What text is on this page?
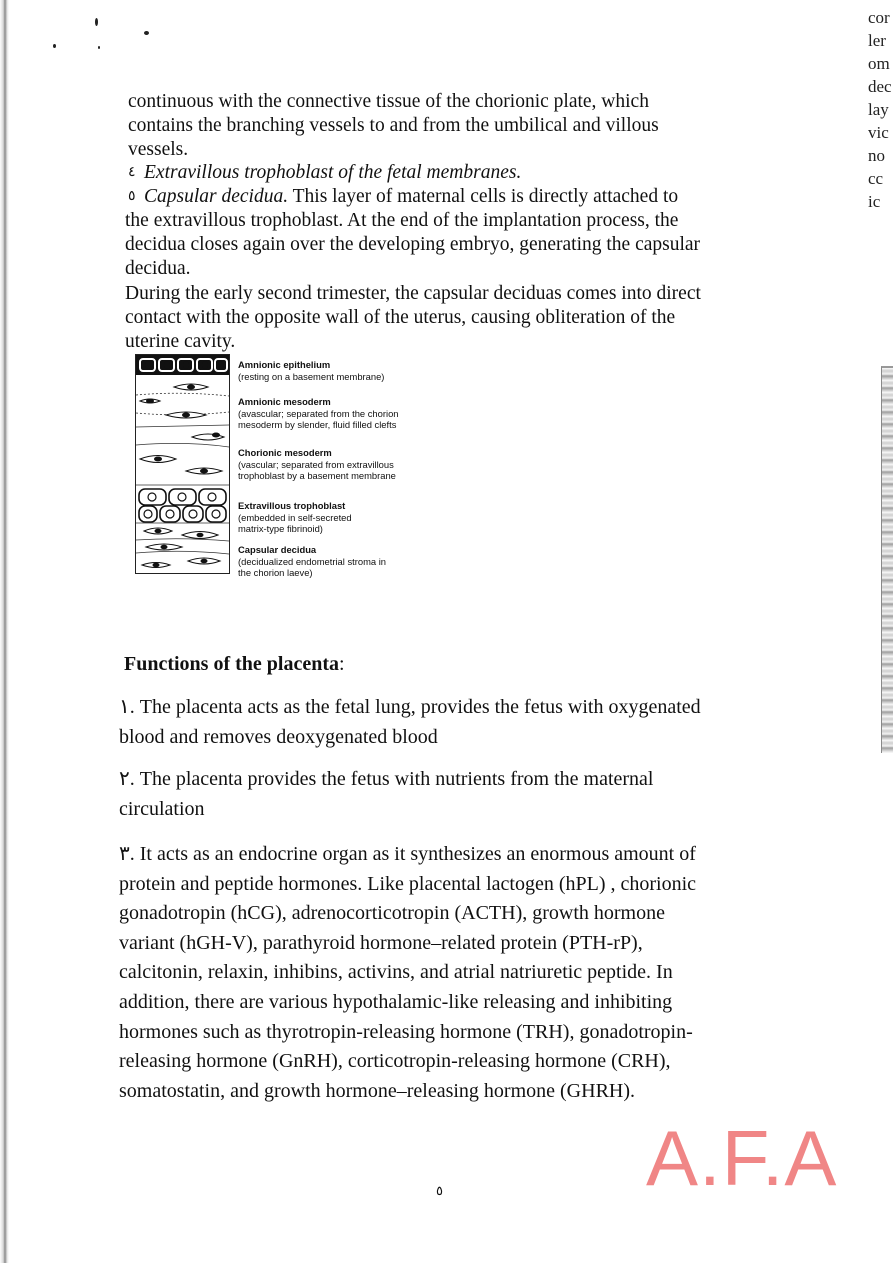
cor
ler
om
dec
lay
vic
no
cc
ic
continuous with the connective tissue of the chorionic plate, which
contains the branching vessels to and from the umbilical and villous
vessels.
٤ Extravillous trophoblast of the fetal membranes.
٥ Capsular decidua. This layer of maternal cells is directly attached to
the extravillous trophoblast. At the end of the implantation process, the
decidua closes again over the developing embryo, generating the capsular
decidua.
During the early second trimester, the capsular deciduas comes into direct
contact with the opposite wall of the uterus, causing obliteration of the
uterine cavity.
Amnionic epithelium
(resting on a basement membrane)
Amnionic mesoderm
(avascular; separated from the chorion
mesoderm by slender, fluid filled clefts
Chorionic mesoderm
(vascular; separated from extravillous
trophoblast by a basement membrane
Extravillous trophoblast
(embedded in self-secreted
matrix-type fibrinoid)
Capsular decidua
(decidualized endometrial stroma in
the chorion laeve)
Functions of the placenta:
١. The placenta acts as the fetal lung, provides the fetus with oxygenated
blood and removes deoxygenated blood
٢. The placenta provides the fetus with nutrients from the maternal
circulation
٣. It acts as an endocrine organ as it synthesizes an enormous amount of
protein and peptide hormones. Like placental lactogen (hPL) , chorionic
gonadotropin (hCG), adrenocorticotropin (ACTH), growth hormone
variant (hGH-V), parathyroid hormone–related protein (PTH-rP),
calcitonin, relaxin, inhibins, activins, and atrial natriuretic peptide. In
addition, there are various hypothalamic-like releasing and inhibiting
hormones such as thyrotropin-releasing hormone (TRH), gonadotropin-
releasing hormone (GnRH), corticotropin-releasing hormone (CRH),
somatostatin, and growth hormone–releasing hormone (GHRH).
A.F.A
٥
